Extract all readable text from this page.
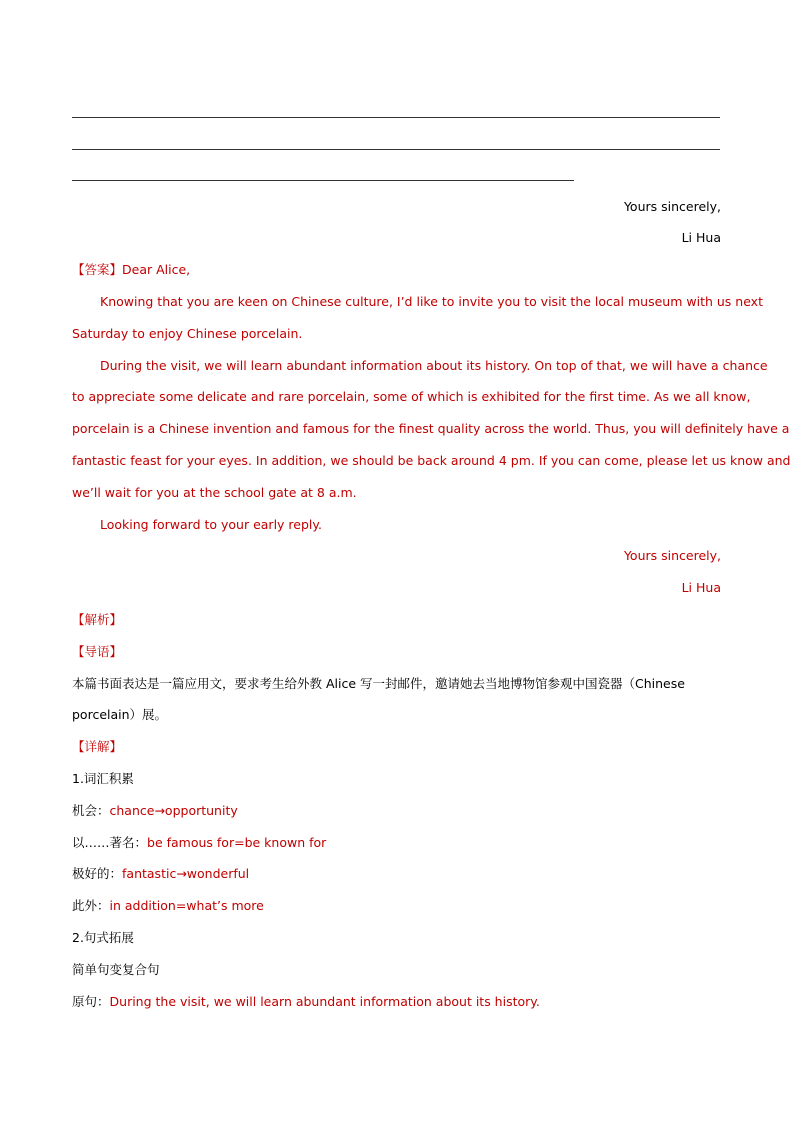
Yours sincerely,
Li Hua
【答案】Dear Alice,
Knowing that you are keen on Chinese culture, I’d like to invite you to visit the local museum with us next
Saturday to enjoy Chinese porcelain.
During the visit, we will learn abundant information about its history. On top of that, we will have a chance
to appreciate some delicate and rare porcelain, some of which is exhibited for the first time. As we all know,
porcelain is a Chinese invention and famous for the finest quality across the world. Thus, you will definitely have a
fantastic feast for your eyes. In addition, we should be back around 4 pm. If you can come, please let us know and
we’ll wait for you at the school gate at 8 a.m.
Looking forward to your early reply.
Yours sincerely,
Li Hua
【解析】
【导语】
本篇书面表达是一篇应用文，要求考生给外教 Alice 写一封邮件，邀请她去当地博物馆参观中国瓷器（Chinese
porcelain）展。
【详解】
1.词汇积累
机会：chance→opportunity
以……著名：be famous for=be known for
极好的：fantastic→wonderful
此外：in addition=what’s more
2.句式拓展
简单句变复合句
原句：During the visit, we will learn abundant information about its history.
